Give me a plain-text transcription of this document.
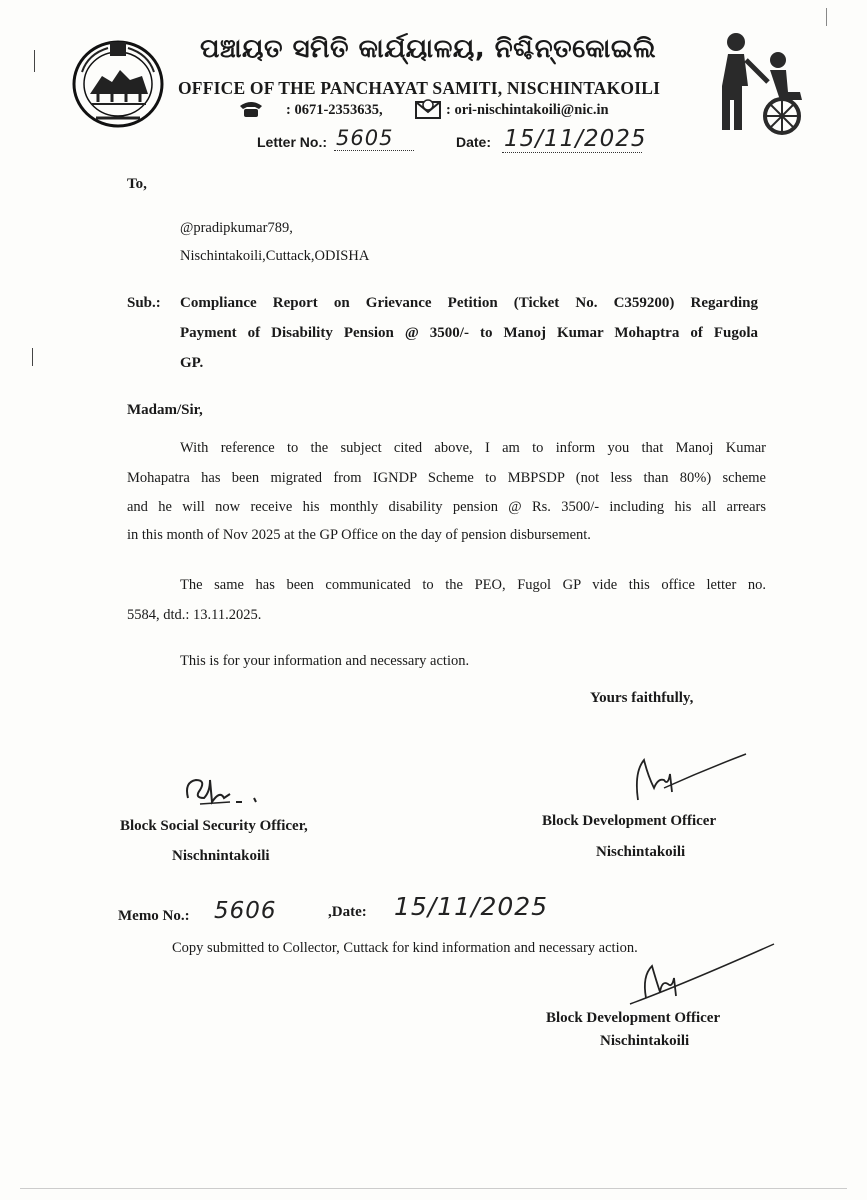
ପଞ୍ଚାୟତ ସମିତି କାର୍ଯ୍ୟାଳୟ, ନିଶ୍ଚିନ୍ତକୋଇଲି
OFFICE OF THE PANCHAYAT SAMITI, NISCHINTAKOILI
: 0671-2353635,	: ori-nischintakoili@nic.in
Letter No.: 5605	Date: 15/11/2025
To,
@pradipkumar789,
Nischintakoili,Cuttack,ODISHA
Sub.: Compliance Report on Grievance Petition (Ticket No. C359200) Regarding
Payment of Disability Pension @ 3500/- to Manoj Kumar Mohaptra of Fugola
GP.
Madam/Sir,
With reference to the subject cited above, I am to inform you that Manoj Kumar
Mohapatra has been migrated from IGNDP Scheme to MBPSDP (not less than 80%) scheme
and he will now receive his monthly disability pension @ Rs. 3500/- including his all arrears
in this month of Nov 2025 at the GP Office on the day of pension disbursement.
The same has been communicated to the PEO, Fugol GP vide this office letter no.
5584, dtd.: 13.11.2025.
This is for your information and necessary action.
Yours faithfully,
Block Social Security Officer,
Nischnintakoili
Block Development Officer
Nischintakoili
Memo No.: 5606	,Date: 15/11/2025
Copy submitted to Collector, Cuttack for kind information and necessary action.
Block Development Officer
Nischintakoili
